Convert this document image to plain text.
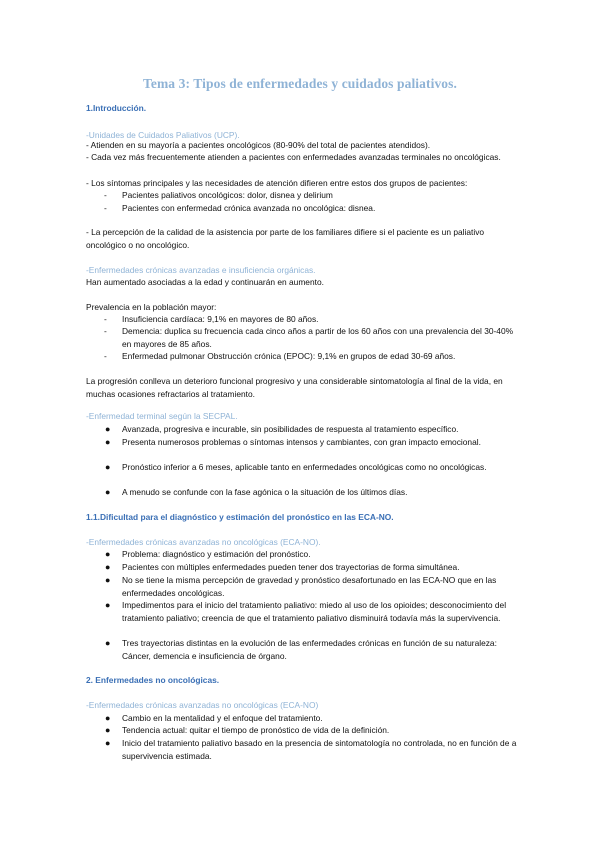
Tema 3: Tipos de enfermedades y cuidados paliativos.
1.Introducción.
-Unidades de Cuidados Paliativos (UCP).
- Atienden en su mayoría a pacientes oncológicos (80-90% del total de pacientes atendidos).
- Cada vez más frecuentemente atienden a pacientes con enfermedades avanzadas terminales no oncológicas.
- Los síntomas principales y las necesidades de atención difieren entre estos dos grupos de pacientes:
- Pacientes paliativos oncológicos: dolor, disnea y delirium
- Pacientes con enfermedad crónica avanzada no oncológica: disnea.
- La percepción de la calidad de la asistencia por parte de los familiares difiere si el paciente es un paliativo oncológico o no oncológico.
-Enfermedades crónicas avanzadas e insuficiencia orgánicas.
Han aumentado asociadas a la edad y continuarán en aumento.
Prevalencia en la población mayor:
- Insuficiencia cardíaca: 9,1% en mayores de 80 años.
- Demencia: duplica su frecuencia cada cinco años a partir de los 60 años con una prevalencia del 30-40% en mayores de 85 años.
- Enfermedad pulmonar Obstrucción crónica (EPOC): 9,1% en grupos de edad 30-69 años.
La progresión conlleva un deterioro funcional progresivo y una considerable sintomatología al final de la vida, en muchas ocasiones refractarios al tratamiento.
-Enfermedad terminal según la SECPAL.
● Avanzada, progresiva e incurable, sin posibilidades de respuesta al tratamiento específico.
● Presenta numerosos problemas o síntomas intensos y cambiantes, con gran impacto emocional.
● Pronóstico inferior a 6 meses, aplicable tanto en enfermedades oncológicas como no oncológicas.
● A menudo se confunde con la fase agónica o la situación de los últimos días.
1.1.Dificultad para el diagnóstico y estimación del pronóstico en las ECA-NO.
-Enfermedades crónicas avanzadas no oncológicas (ECA-NO).
● Problema: diagnóstico y estimación del pronóstico.
● Pacientes con múltiples enfermedades pueden tener dos trayectorias de forma simultánea.
● No se tiene la misma percepción de gravedad y pronóstico desafortunado en las ECA-NO que en las enfermedades oncológicas.
● Impedimentos para el inicio del tratamiento paliativo: miedo al uso de los opioides; desconocimiento del tratamiento paliativo; creencia de que el tratamiento paliativo disminuirá todavía más la supervivencia.
● Tres trayectorias distintas en la evolución de las enfermedades crónicas en función de su naturaleza: Cáncer, demencia e insuficiencia de órgano.
2. Enfermedades no oncológicas.
-Enfermedades crónicas avanzadas no oncológicas (ECA-NO)
● Cambio en la mentalidad y el enfoque del tratamiento.
● Tendencia actual: quitar el tiempo de pronóstico de vida de la definición.
● Inicio del tratamiento paliativo basado en la presencia de sintomatología no controlada, no en función de a supervivencia estimada.
